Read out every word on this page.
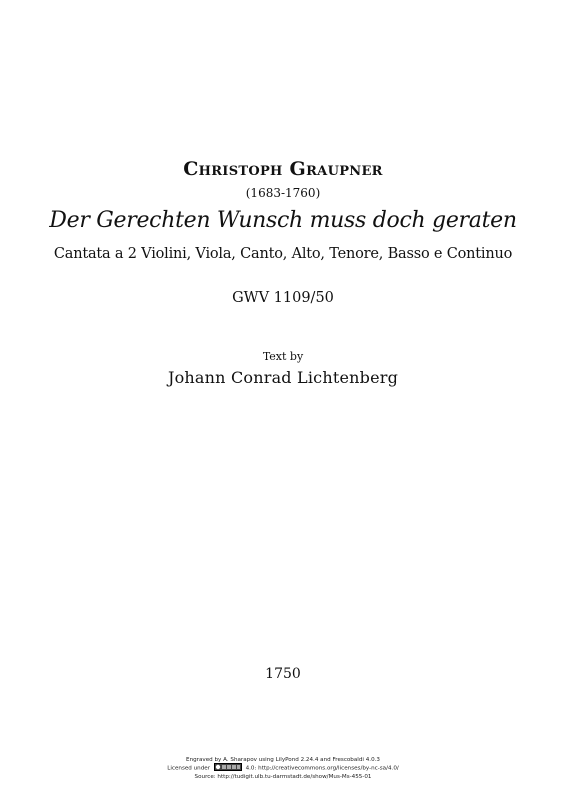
Christoph Graupner
(1683-1760)
Der Gerechten Wunsch muss doch geraten
Cantata a 2 Violini, Viola, Canto, Alto, Tenore, Basso e Continuo
GWV 1109/50
Text by
Johann Conrad Lichtenberg
1750
Engraved by A. Sharapov using LilyPond 2.24.4 and Frescobaldi 4.0.3
Licensed under	4.0: http://creativecommons.org/licenses/by-nc-sa/4.0/
Source: http://tudigit.ulb.tu-darmstadt.de/show/Mus-Ms-455-01
